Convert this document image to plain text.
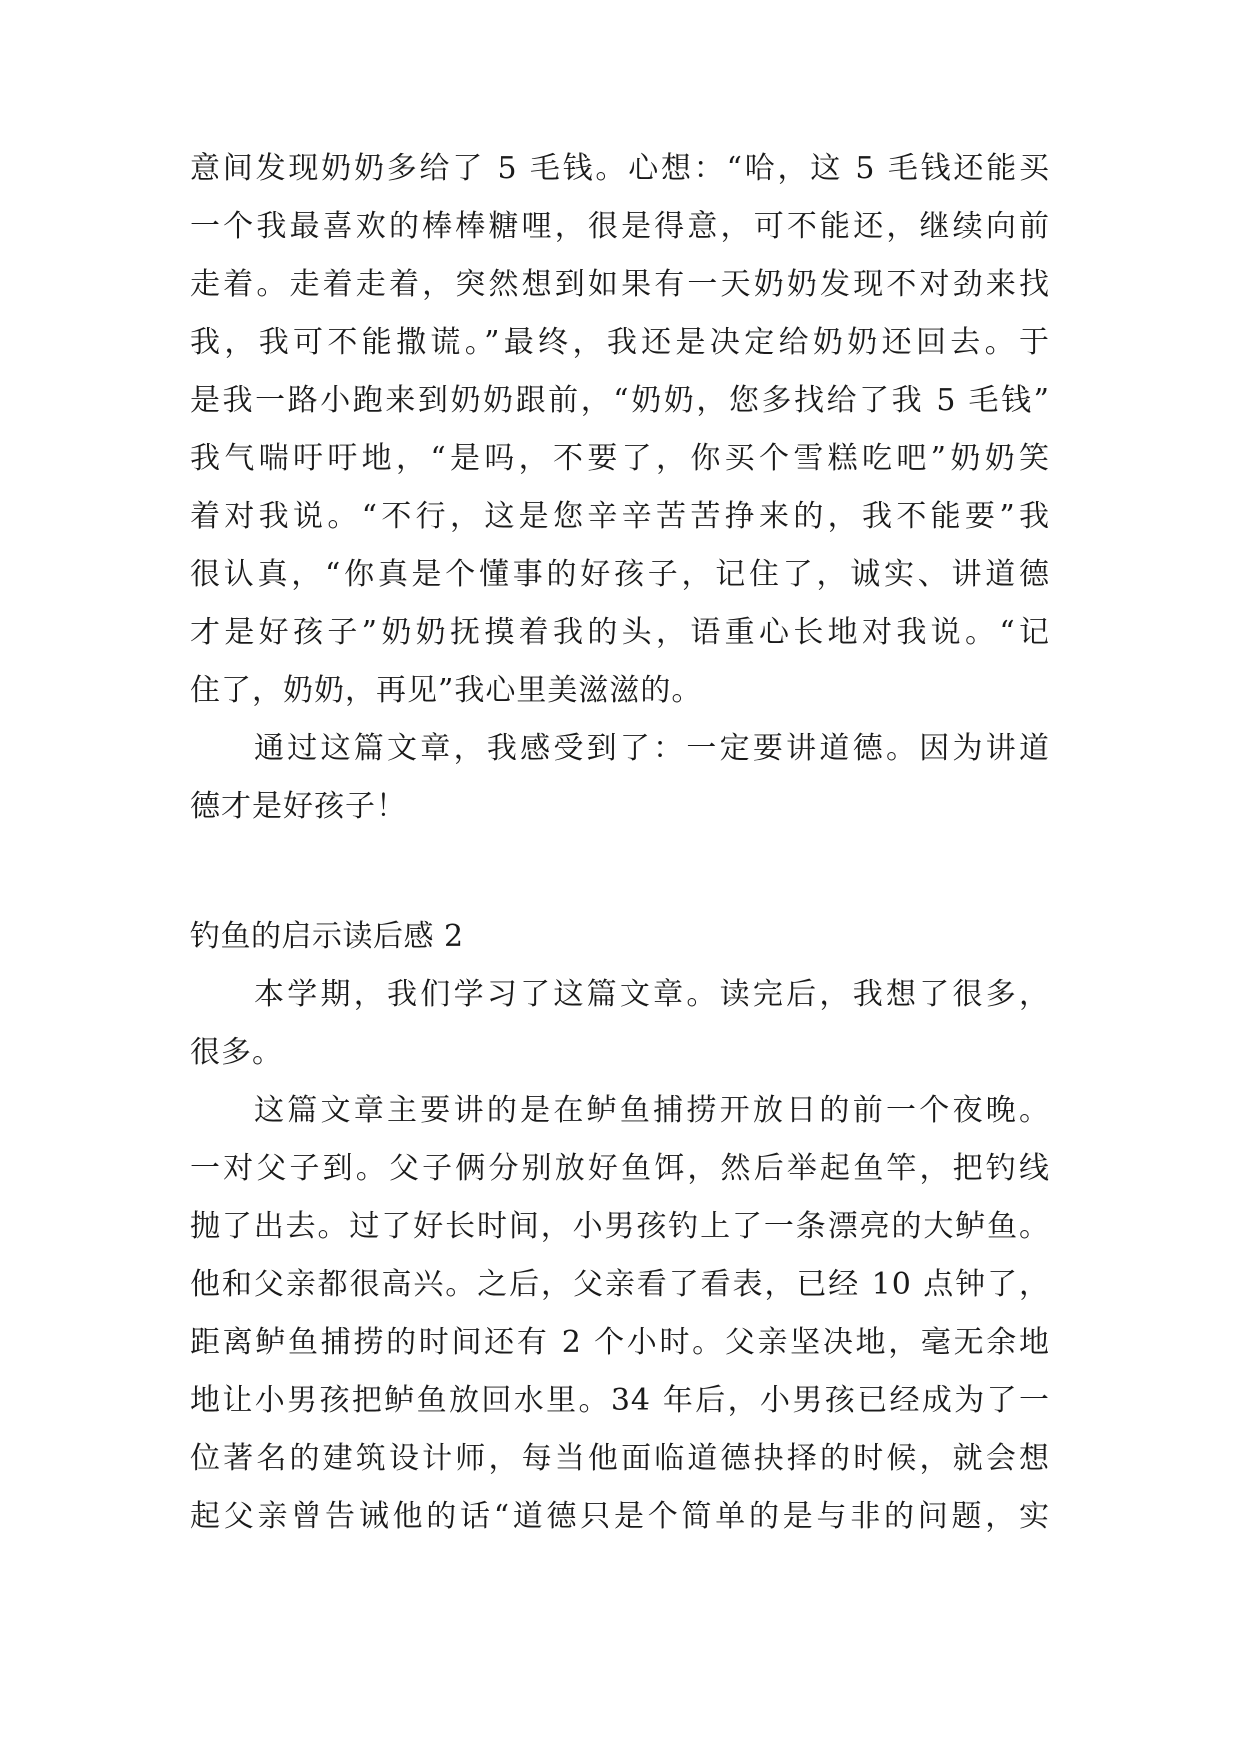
意间发现奶奶多给了 5 毛钱。心想：“哈，这 5 毛钱还能买
一个我最喜欢的棒棒糖哩，很是得意，可不能还，继续向前
走着。走着走着，突然想到如果有一天奶奶发现不对劲来找
我，我可不能撒谎。”最终，我还是决定给奶奶还回去。于
是我一路小跑来到奶奶跟前，“奶奶，您多找给了我 5 毛钱”
我气喘吁吁地，“是吗，不要了，你买个雪糕吃吧”奶奶笑
着对我说。“不行，这是您辛辛苦苦挣来的，我不能要”我
很认真，“你真是个懂事的好孩子，记住了，诚实、讲道德
才是好孩子”奶奶抚摸着我的头，语重心长地对我说。“记
住了，奶奶，再见”我心里美滋滋的。
通过这篇文章，我感受到了：一定要讲道德。因为讲道
德才是好孩子！
钓鱼的启示读后感 2
本学期，我们学习了这篇文章。读完后，我想了很多，
很多。
这篇文章主要讲的是在鲈鱼捕捞开放日的前一个夜晚。
一对父子到。父子俩分别放好鱼饵，然后举起鱼竿，把钓线
抛了出去。过了好长时间，小男孩钓上了一条漂亮的大鲈鱼。
他和父亲都很高兴。之后，父亲看了看表，已经 10 点钟了，
距离鲈鱼捕捞的时间还有 2 个小时。父亲坚决地，毫无余地
地让小男孩把鲈鱼放回水里。34 年后，小男孩已经成为了一
位著名的建筑设计师，每当他面临道德抉择的时候，就会想
起父亲曾告诫他的话“道德只是个简单的是与非的问题，实
